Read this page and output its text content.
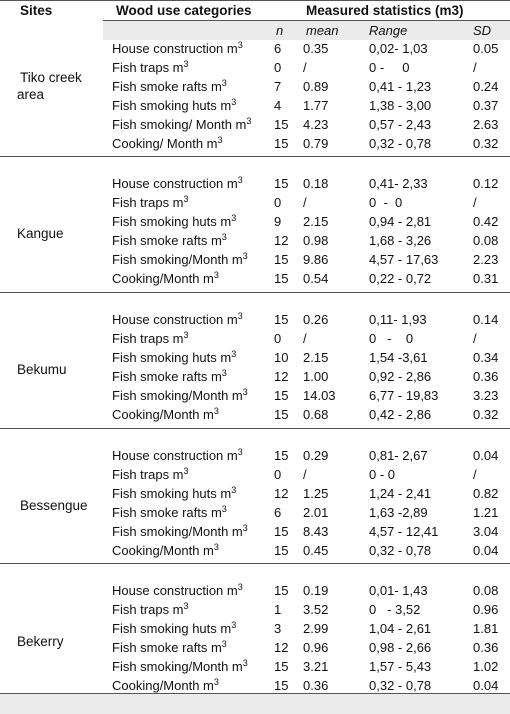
Sites	Wood use categories	Measured statistics (m3)
n mean Range	SD
Tiko creek
area
House construction $m^3$ 6 0.35	0,02- 1,03	0.05
Fish traps $m^3$	0 /	0 -     0	/
Fish smoke rafts $m^3$	7 0.89	0,41 - 1,23	0.24
Fish smoking huts $m^3$	4 1.77	1,38 - 3,00	0.37
Fish smoking/ Month $m^3$ 15 4.23	0,57 - 2,43	2.63
Cooking/ Month $m^3$	15 0.79	0,32 - 0,78	0.32
Kangue
House construction $m^3$ 15 0.18	0,41- 2,33	0.12
Fish traps $m^3$	0 /	0  -  0	/
Fish smoking huts $m^3$	9 2.15	0,94 - 2,81	0.42
Fish smoke rafts $m^3$	12 0.98	1,68 - 3,26	0.08
Fish smoking/Month $m^3$ 15 9.86	4,57 - 17,63	2.23
Cooking/Month $m^3$	15 0.54	0,22 - 0,72	0.31
Bekumu
House construction $m^3$ 15 0.26	0,11- 1,93	0.14
Fish traps $m^3$	0 /	0   -    0	/
Fish smoking huts $m^3$	10 2.15	1,54 -3,61	0.34
Fish smoke rafts $m^3$	12 1.00	0,92 - 2,86	0.36
Fish smoking/Month $m^3$ 15 14.03	6,77 - 19,83	3.23
Cooking/Month $m^3$	15 0.68	0,42 - 2,86	0.32
Bessengue
House construction $m^3$ 15 0.29	0,81- 2,67	0.04
Fish traps $m^3$	0 /	0 - 0	/
Fish smoking huts $m^3$	12 1.25	1,24 - 2,41	0.82
Fish smoke rafts $m^3$	6 2.01	1,63 -2,89	1.21
Fish smoking/Month $m^3$ 15 8.43	4,57 - 12,41	3.04
Cooking/Month $m^3$	15 0.45	0,32 - 0,78	0.04
Bekerry
House construction $m^3$ 15 0.19	0,01- 1,43	0.08
Fish traps $m^3$	1 3.52	0   - 3,52	0.96
Fish smoking huts $m^3$	3 2.99	1,04 - 2,61	1.81
Fish smoke rafts $m^3$	12 0.96	0,98 - 2,66	0.36
Fish smoking/Month $m^3$ 15 3.21	1,57 - 5,43	1.02
Cooking/Month $m^3$	15 0.36	0,32 - 0,78	0.04
